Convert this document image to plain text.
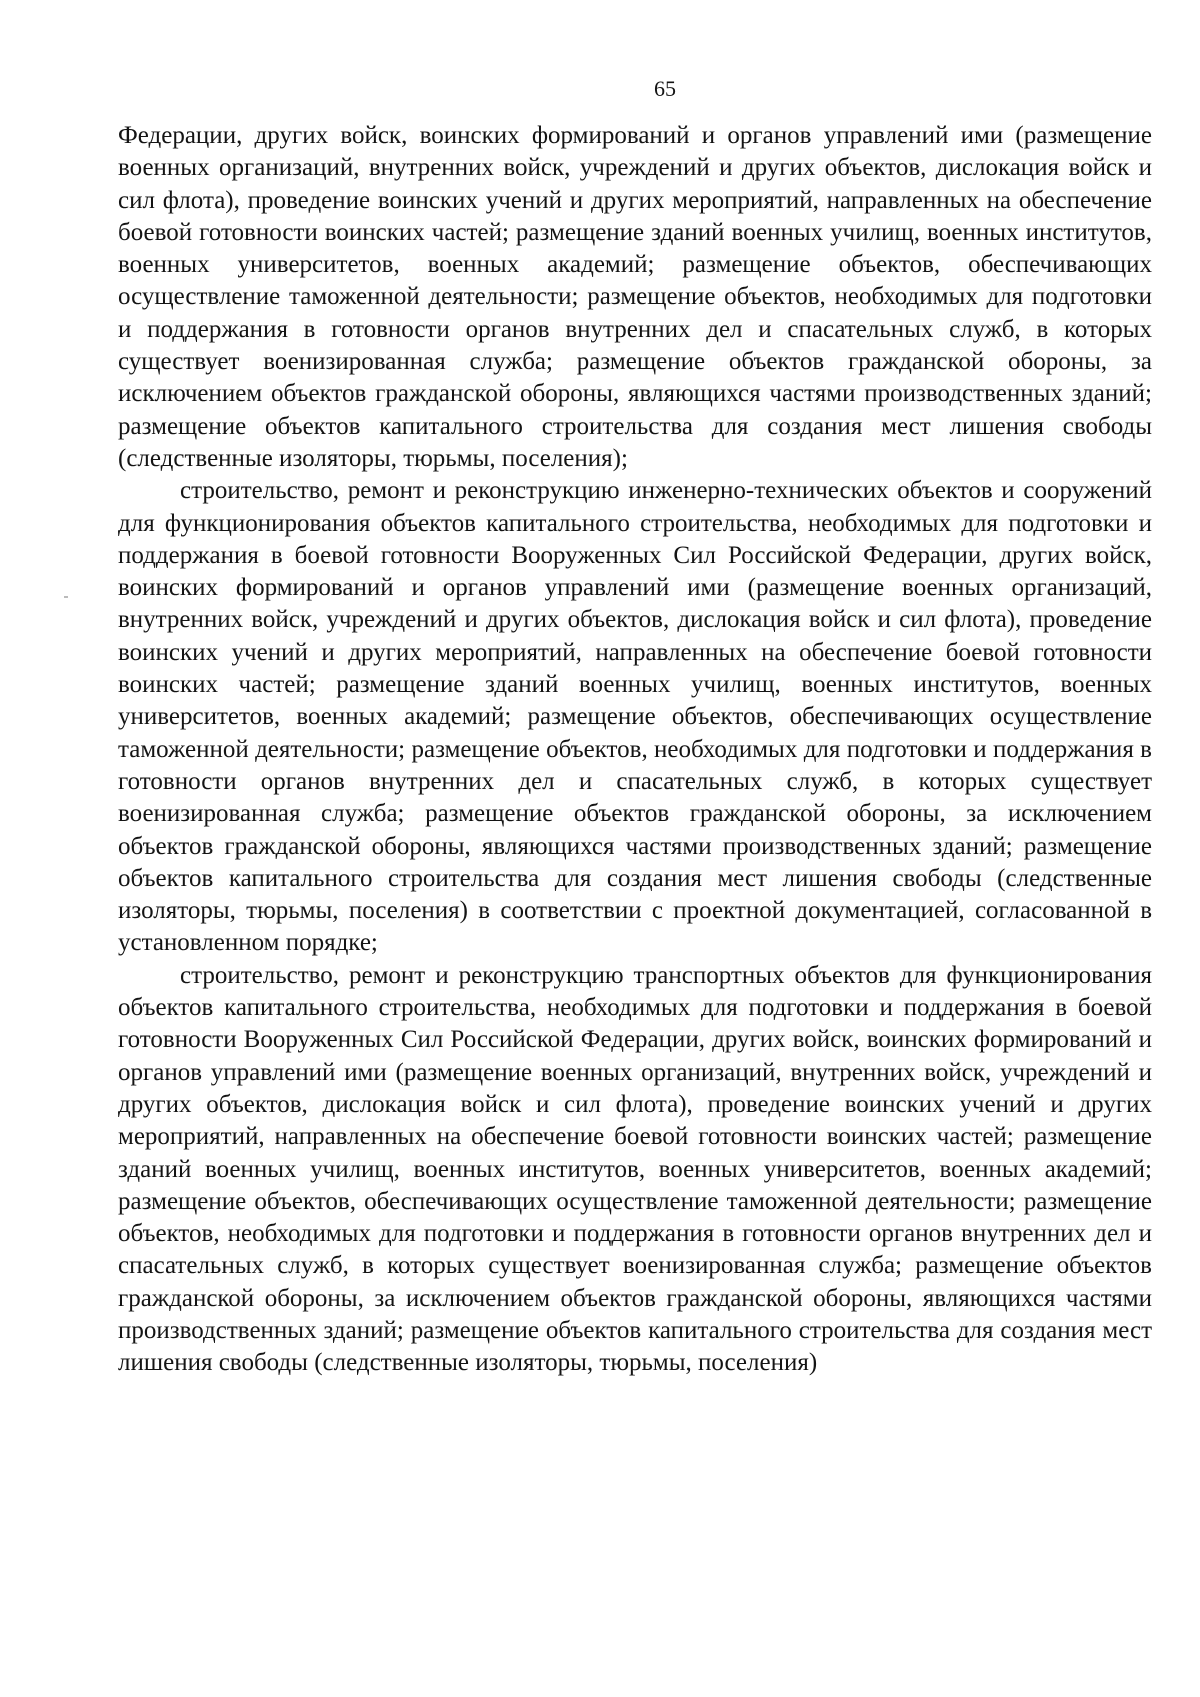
65

Федерации, других войск, воинских формирований и органов управлений ими (размещение военных организаций, внутренних войск, учреждений и других объектов, дислокация войск и сил флота), проведение воинских учений и других мероприятий, направленных на обеспечение боевой готовности воинских частей; размещение зданий военных училищ, военных институтов, военных университетов, военных академий; размещение объектов, обеспечивающих осуществление таможенной деятельности; размещение объектов, необходимых для подготовки и поддержания в готовности органов внутренних дел и спасательных служб, в которых существует военизированная служба; размещение объектов гражданской обороны, за исключением объектов гражданской обороны, являющихся частями производственных зданий; размещение объектов капитального строительства для создания мест лишения свободы (следственные изоляторы, тюрьмы, поселения);

строительство, ремонт и реконструкцию инженерно-технических объектов и сооружений для функционирования объектов капитального строительства, необходимых для подготовки и поддержания в боевой готовности Вооруженных Сил Российской Федерации, других войск, воинских формирований и органов управлений ими (размещение военных организаций, внутренних войск, учреждений и других объектов, дислокация войск и сил флота), проведение воинских учений и других мероприятий, направленных на обеспечение боевой готовности воинских частей; размещение зданий военных училищ, военных институтов, военных университетов, военных академий; размещение объектов, обеспечивающих осуществление таможенной деятельности; размещение объектов, необходимых для подготовки и поддержания в готовности органов внутренних дел и спасательных служб, в которых существует военизированная служба; размещение объектов гражданской обороны, за исключением объектов гражданской обороны, являющихся частями производственных зданий; размещение объектов капитального строительства для создания мест лишения свободы (следственные изоляторы, тюрьмы, поселения) в соответствии с проектной документацией, согласованной в установленном порядке;

строительство, ремонт и реконструкцию транспортных объектов для функционирования объектов капитального строительства, необходимых для подготовки и поддержания в боевой готовности Вооруженных Сил Российской Федерации, других войск, воинских формирований и органов управлений ими (размещение военных организаций, внутренних войск, учреждений и других объектов, дислокация войск и сил флота), проведение воинских учений и других мероприятий, направленных на обеспечение боевой готовности воинских частей; размещение зданий военных училищ, военных институтов, военных университетов, военных академий; размещение объектов, обеспечивающих осуществление таможенной деятельности; размещение объектов, необходимых для подготовки и поддержания в готовности органов внутренних дел и спасательных служб, в которых существует военизированная служба; размещение объектов гражданской обороны, за исключением объектов гражданской обороны, являющихся частями производственных зданий; размещение объектов капитального строительства для создания мест лишения свободы (следственные изоляторы, тюрьмы, поселения)
